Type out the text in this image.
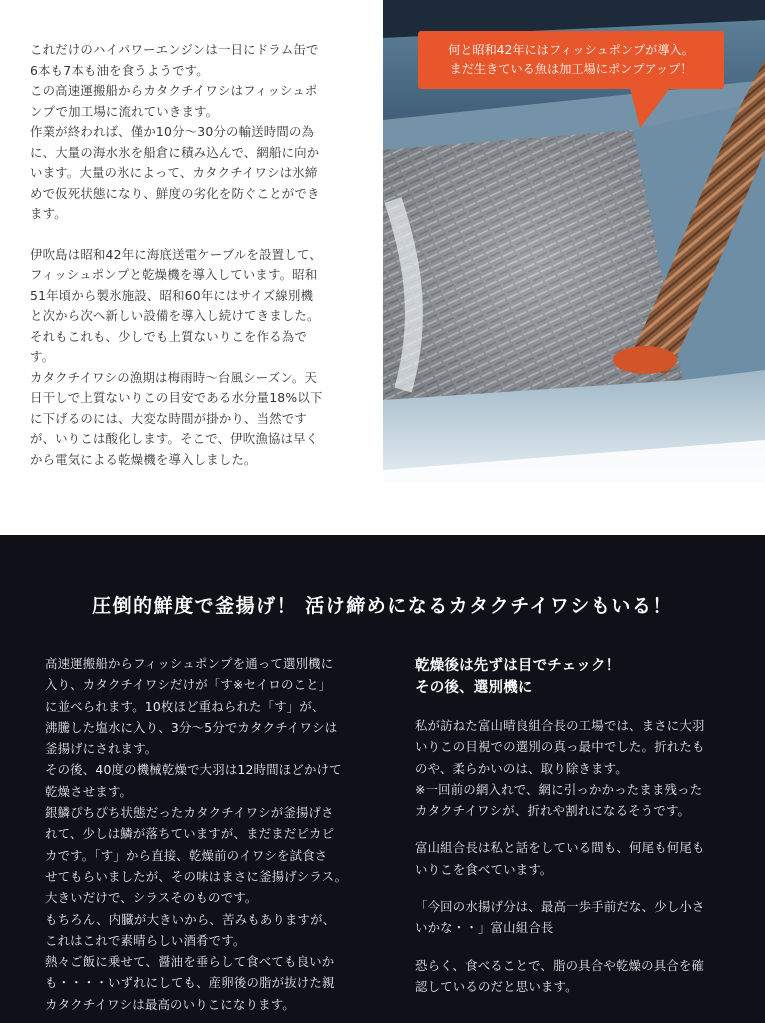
これだけのハイパワーエンジンは一日にドラム缶で
6本も7本も油を食うようです。
この高速運搬船からカタクチイワシはフィッシュポ
ンプで加工場に流れていきます。
作業が終われば、僅か10分〜30分の輸送時間の為
に、大量の海水氷を船倉に積み込んで、網船に向か
います。大量の氷によって、カタクチイワシは氷締
めで仮死状態になり、鮮度の劣化を防ぐことができ
ます。

伊吹島は昭和42年に海底送電ケーブルを設置して、
フィッシュポンプと乾燥機を導入しています。昭和
51年頃から製氷施設、昭和60年にはサイズ線別機
と次から次へ新しい設備を導入し続けてきました。
それもこれも、少しでも上質ないりこを作る為で
す。
カタクチイワシの漁期は梅雨時〜台風シーズン。天
日干しで上質ないりこの目安である水分量18%以下
に下げるのには、大変な時間が掛かり、当然です
が、いりこは酸化します。そこで、伊吹漁協は早く
から電気による乾燥機を導入しました。

何と昭和42年にはフィッシュポンプが導入。
まだ生きている魚は加工場にポンプアップ！
圧倒的鮮度で釜揚げ！ 活け締めになるカタクチイワシもいる！

高速運搬船からフィッシュポンプを通って選別機に
入り、カタクチイワシだけが「す※セイロのこと」
に並べられます。10枚ほど重ねられた「す」が、
沸騰した塩水に入り、3分〜5分でカタクチイワシは
釜揚げにされます。
その後、40度の機械乾燥で大羽は12時間ほどかけて
乾燥させます。
銀鱗ぴちぴち状態だったカタクチイワシが釜揚げさ
れて、少しは鱗が落ちていますが、まだまだピカピ
カです。「す」から直接、乾燥前のイワシを試食さ
せてもらいましたが、その味はまさに釜揚げシラス。
大きいだけで、シラスそのものです。
もちろん、内臓が大きいから、苦みもありますが、
これはこれで素晴らしい酒肴です。
熱々ご飯に乗せて、醤油を垂らして食べても良いか
も・・・・いずれにしても、産卵後の脂が抜けた親
カタクチイワシは最高のいりこになります。

乾燥後は先ずは目でチェック！
その後、選別機に

私が訪ねた富山晴良組合長の工場では、まさに大羽
いりこの目視での選別の真っ最中でした。折れたも
のや、柔らかいのは、取り除きます。
※一回前の網入れで、網に引っかかったまま残った
カタクチイワシが、折れや割れになるそうです。

富山組合長は私と話をしている間も、何尾も何尾も
いりこを食べています。

「今回の水揚げ分は、最高一歩手前だな、少し小さ
いかな・・」富山組合長

恐らく、食べることで、脂の具合や乾燥の具合を確
認しているのだと思います。
